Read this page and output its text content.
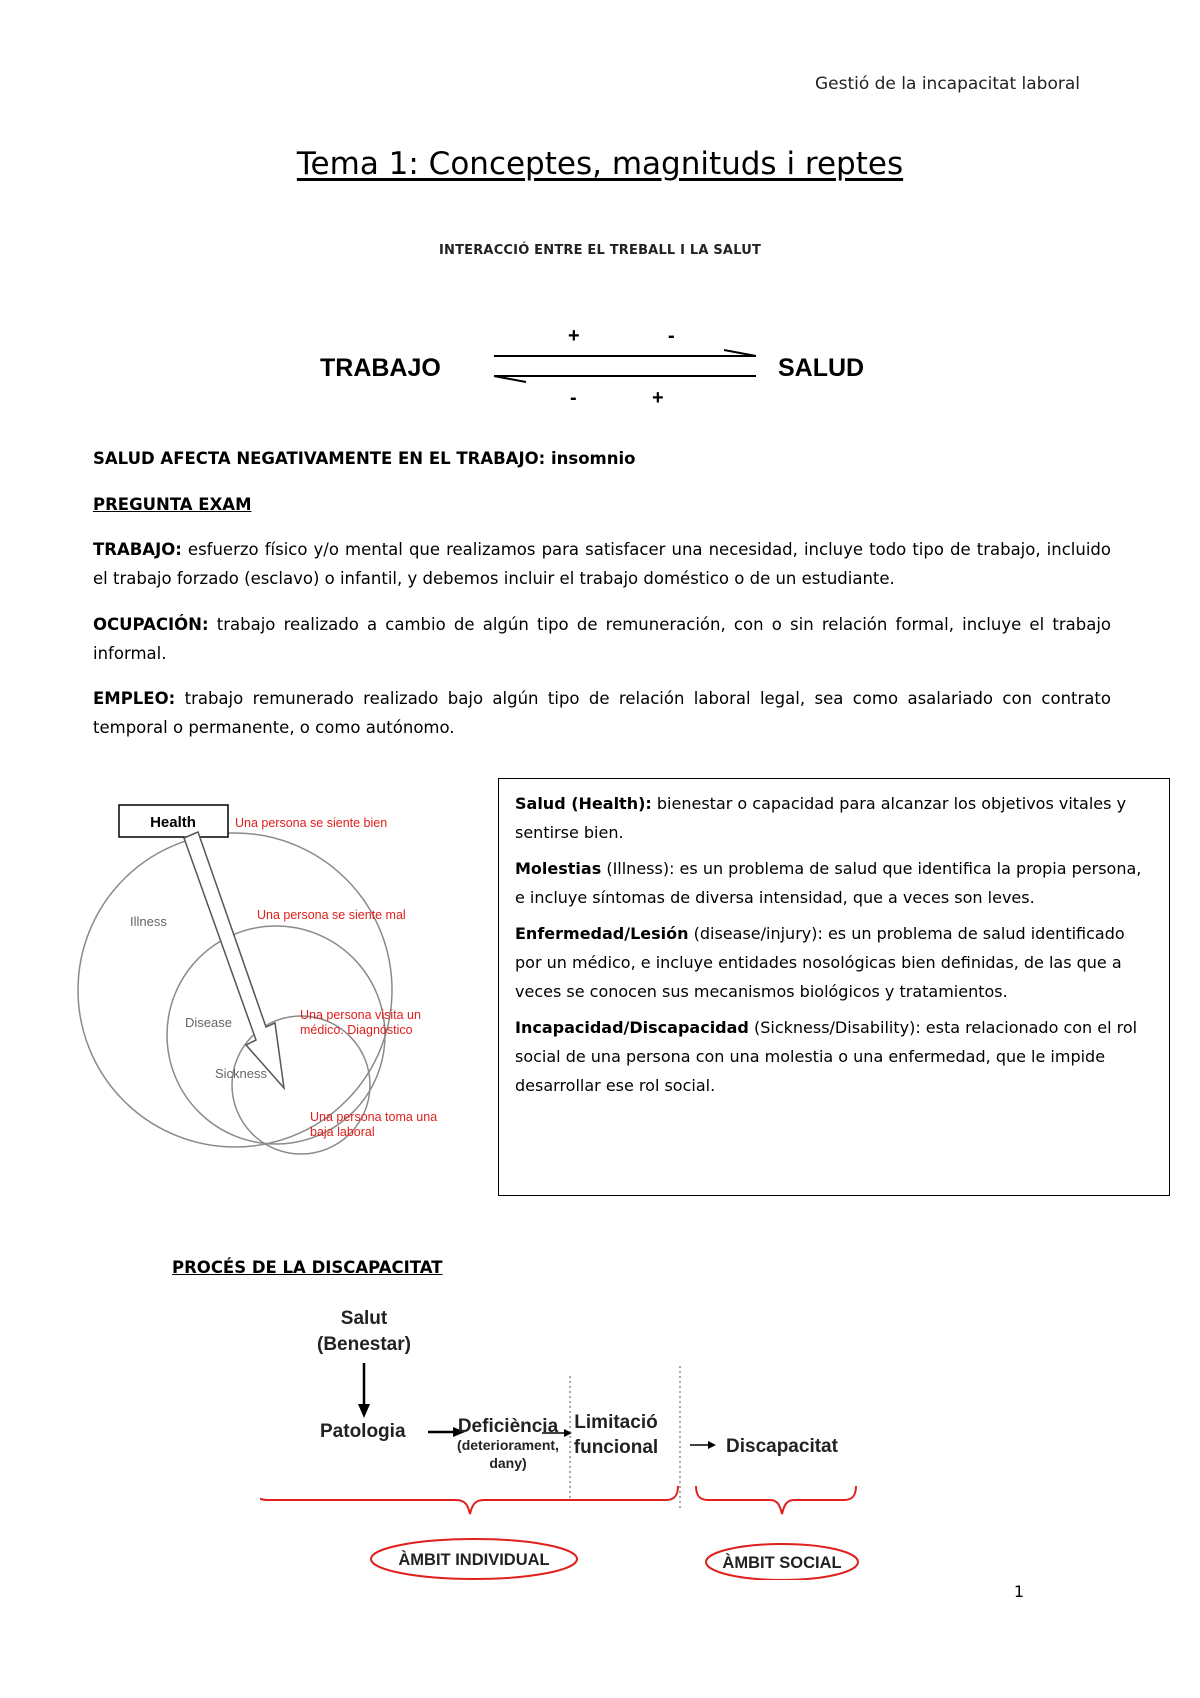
Gestió de la incapacitat laboral
Tema 1: Conceptes, magnituds i reptes
INTERACCIÓ ENTRE EL TREBALL I LA SALUT
TRABAJO	SALUD
+	-
-	+
SALUD AFECTA NEGATIVAMENTE EN EL TRABAJO: insomnio
PREGUNTA EXAM
TRABAJO: esfuerzo físico y/o mental que realizamos para satisfacer una necesidad, incluye todo tipo de trabajo, incluido el trabajo forzado (esclavo) o infantil, y debemos incluir el trabajo doméstico o de un estudiante.
OCUPACIÓN: trabajo realizado a cambio de algún tipo de remuneración, con o sin relación formal, incluye el trabajo informal.
EMPLEO: trabajo remunerado realizado bajo algún tipo de relación laboral legal, sea como asalariado con contrato temporal o permanente, o como autónomo.
Health
Illness
Disease
Sickness
Una persona se siente bien
Una persona se siente mal
Una persona visita un
médico. Diagnóstico
Una persona toma una
baja laboral

Salud (Health): bienestar o capacidad para alcanzar los objetivos vitales y sentirse bien.

Molestias (Illness): es un problema de salud que identifica la propia persona, e incluye síntomas de diversa intensidad, que a veces son leves.

Enfermedad/Lesión (disease/injury): es un problema de salud identificado por un médico, e incluye entidades nosológicas bien definidas, de las que a veces se conocen sus mecanismos biológicos y tratamientos.

Incapacidad/Discapacidad (Sickness/Disability): esta relacionado con el rol social de una persona con una molestia o una enfermedad, que le impide desarrollar ese rol social.

PROCÉS DE LA DISCAPACITAT
Salut
(Benestar)
Patologia	Deficiència
(deteriorament,
dany)
Limitació
funcional	Discapacitat
ÀMBIT INDIVIDUAL	ÀMBIT SOCIAL
1
